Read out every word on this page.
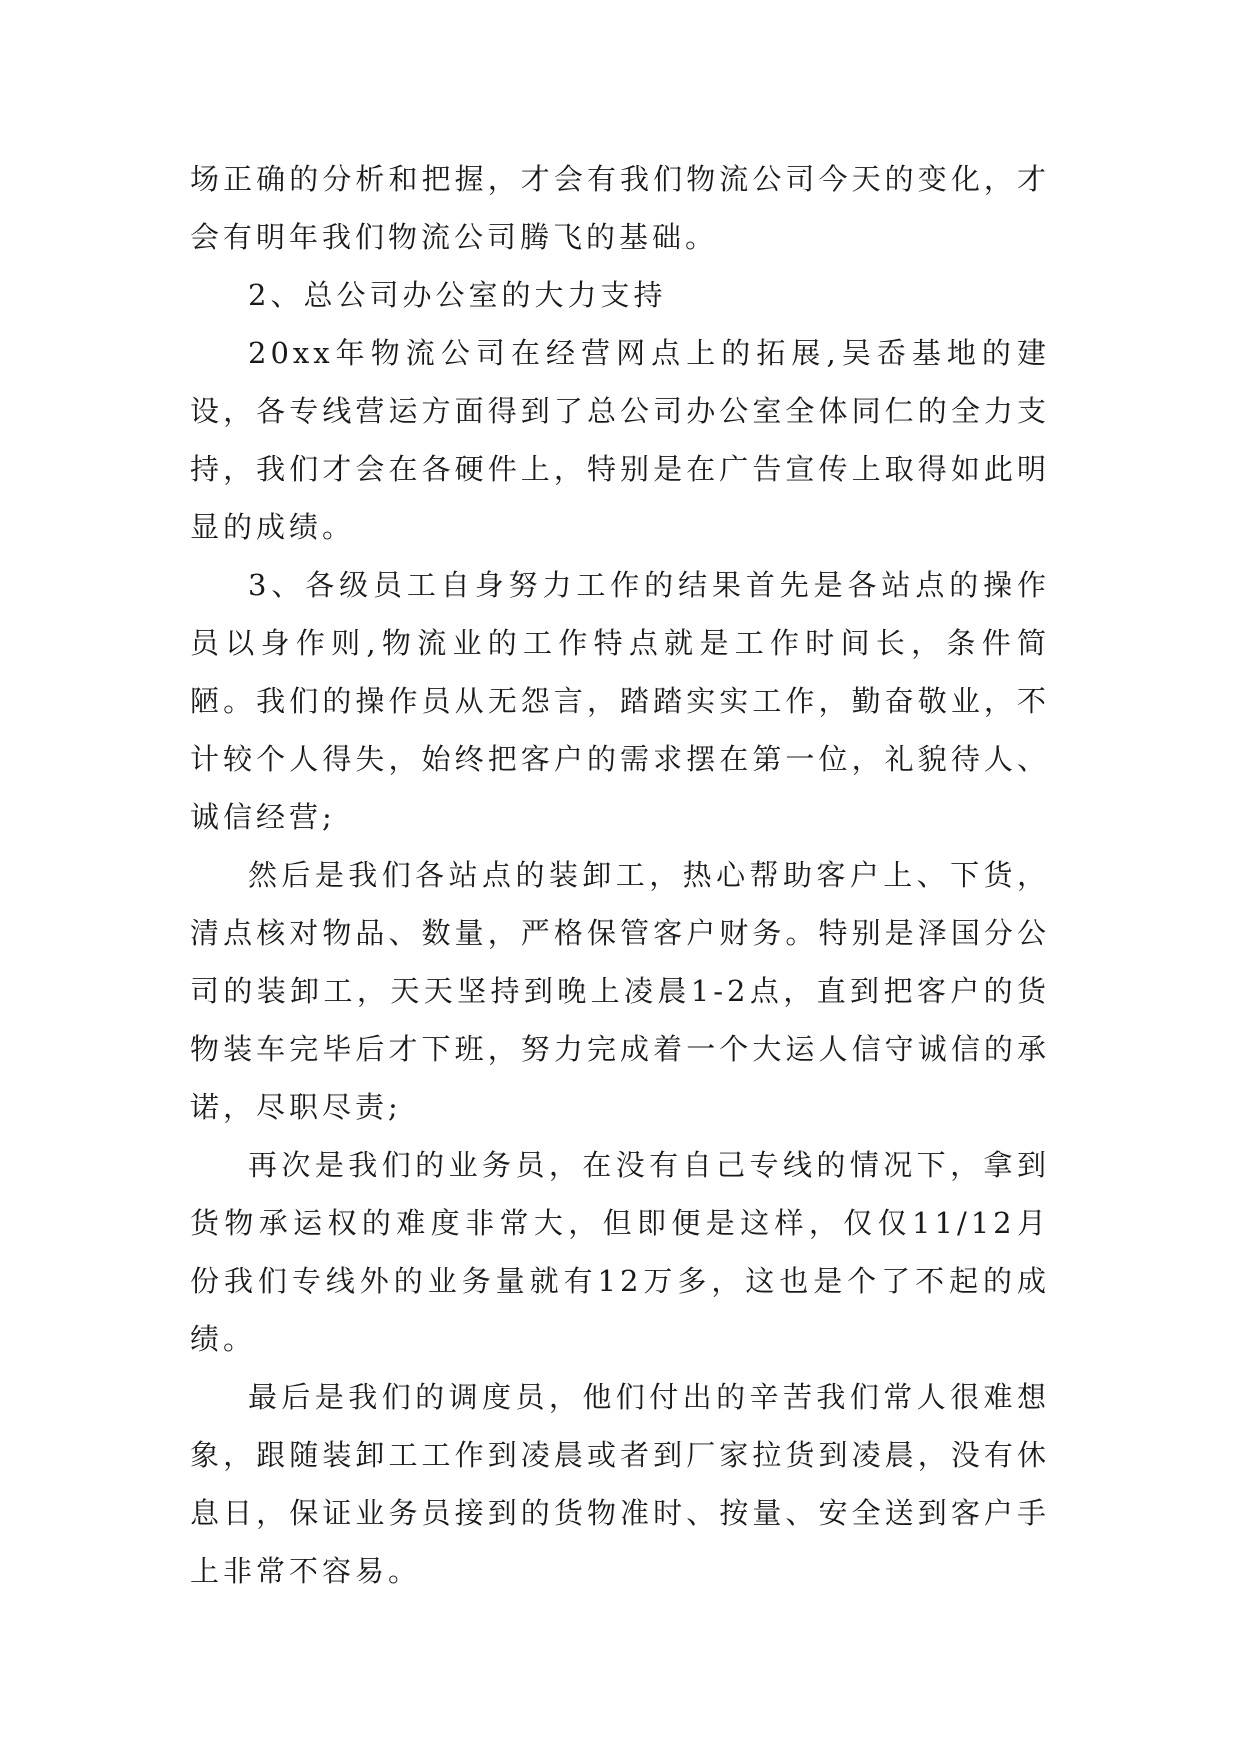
场正确的分析和把握，才会有我们物流公司今天的变化，才会有明年我们物流公司腾飞的基础。

2、总公司办公室的大力支持

20xx年物流公司在经营网点上的拓展,吴岙基地的建设，各专线营运方面得到了总公司办公室全体同仁的全力支持，我们才会在各硬件上，特别是在广告宣传上取得如此明显的成绩。

3、各级员工自身努力工作的结果首先是各站点的操作员以身作则,物流业的工作特点就是工作时间长，条件简陋。我们的操作员从无怨言，踏踏实实工作，勤奋敬业，不计较个人得失，始终把客户的需求摆在第一位，礼貌待人、诚信经营;

然后是我们各站点的装卸工，热心帮助客户上、下货，清点核对物品、数量，严格保管客户财务。特别是泽国分公司的装卸工，天天坚持到晚上凌晨1-2点，直到把客户的货物装车完毕后才下班，努力完成着一个大运人信守诚信的承诺，尽职尽责;

再次是我们的业务员，在没有自己专线的情况下，拿到货物承运权的难度非常大，但即便是这样，仅仅11/12月份我们专线外的业务量就有12万多，这也是个了不起的成绩。

最后是我们的调度员，他们付出的辛苦我们常人很难想象，跟随装卸工工作到凌晨或者到厂家拉货到凌晨，没有休息日，保证业务员接到的货物准时、按量、安全送到客户手上非常不容易。
